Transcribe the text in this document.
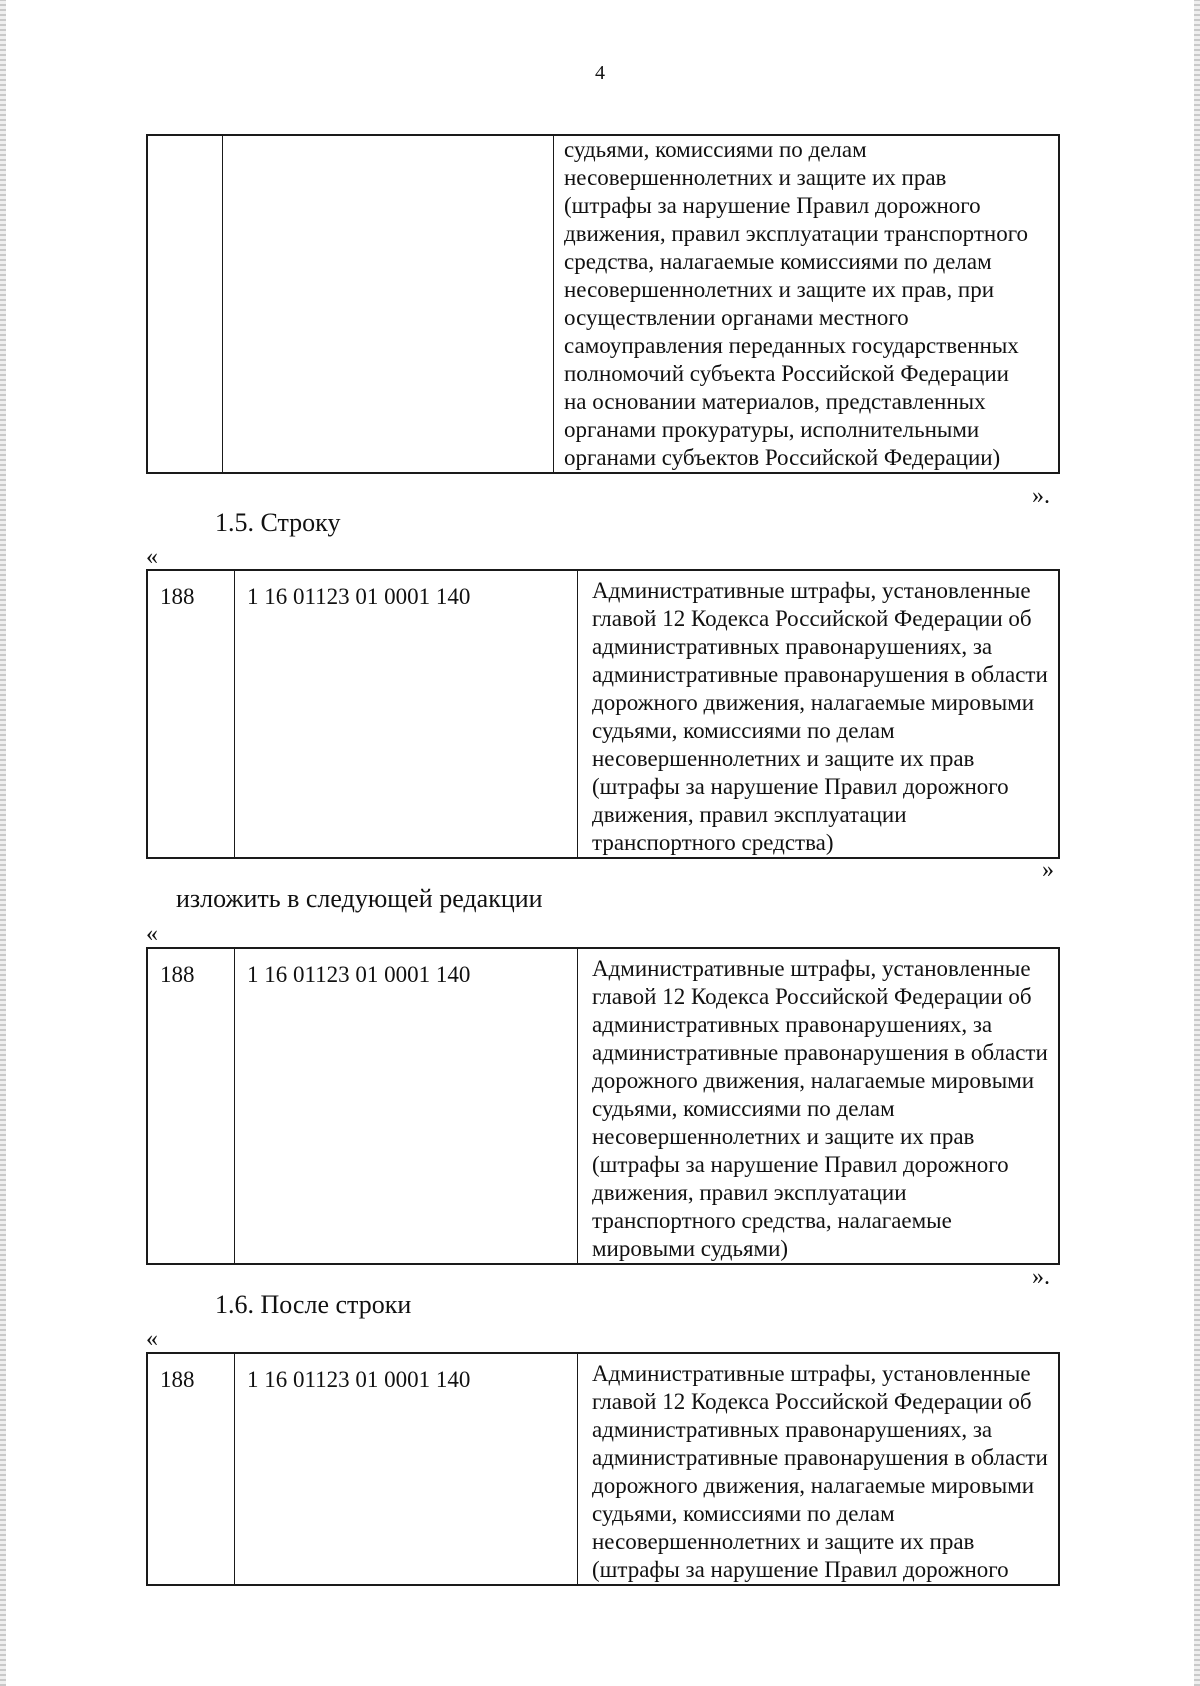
4

судьями, комиссиями по делам
несовершеннолетних и защите их прав
(штрафы за нарушение Правил дорожного
движения, правил эксплуатации транспортного
средства, налагаемые комиссиями по делам
несовершеннолетних и защите их прав, при
осуществлении органами местного
самоуправления переданных государственных
полномочий субъекта Российской Федерации
на основании материалов, представленных
органами прокуратуры, исполнительными
органами субъектов Российской Федерации)
».
1.5. Строку
«
188	1 16 01123 01 0001 140	Административные штрафы, установленные
главой 12 Кодекса Российской Федерации об
административных правонарушениях, за
административные правонарушения в области
дорожного движения, налагаемые мировыми
судьями, комиссиями по делам
несовершеннолетних и защите их прав
(штрафы за нарушение Правил дорожного
движения, правил эксплуатации
транспортного средства)
»
изложить в следующей редакции
«
188	1 16 01123 01 0001 140	Административные штрафы, установленные
главой 12 Кодекса Российской Федерации об
административных правонарушениях, за
административные правонарушения в области
дорожного движения, налагаемые мировыми
судьями, комиссиями по делам
несовершеннолетних и защите их прав
(штрафы за нарушение Правил дорожного
движения, правил эксплуатации
транспортного средства, налагаемые
мировыми судьями)
».
1.6. После строки
«
188	1 16 01123 01 0001 140	Административные штрафы, установленные
главой 12 Кодекса Российской Федерации об
административных правонарушениях, за
административные правонарушения в области
дорожного движения, налагаемые мировыми
судьями, комиссиями по делам
несовершеннолетних и защите их прав
(штрафы за нарушение Правил дорожного
